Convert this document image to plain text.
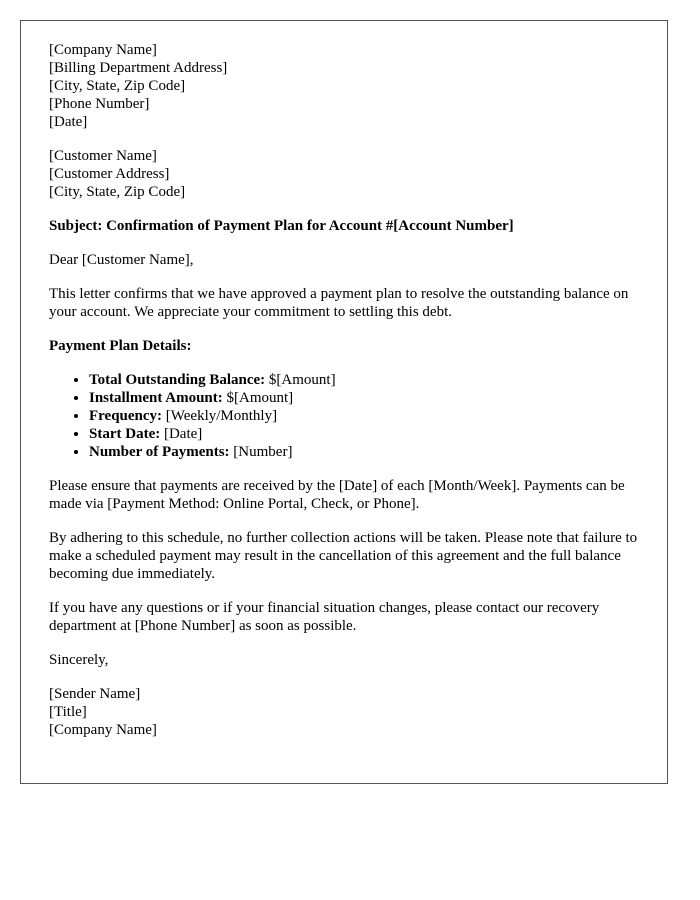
[Company Name]
[Billing Department Address]
[City, State, Zip Code]
[Phone Number]
[Date]
[Customer Name]
[Customer Address]
[City, State, Zip Code]
Subject: Confirmation of Payment Plan for Account #[Account Number]
Dear [Customer Name],
This letter confirms that we have approved a payment plan to resolve the outstanding balance on your account. We appreciate your commitment to settling this debt.
Payment Plan Details:
• Total Outstanding Balance: $[Amount]
• Installment Amount: $[Amount]
• Frequency: [Weekly/Monthly]
• Start Date: [Date]
• Number of Payments: [Number]
Please ensure that payments are received by the [Date] of each [Month/Week]. Payments can be made via [Payment Method: Online Portal, Check, or Phone].
By adhering to this schedule, no further collection actions will be taken. Please note that failure to make a scheduled payment may result in the cancellation of this agreement and the full balance becoming due immediately.
If you have any questions or if your financial situation changes, please contact our recovery department at [Phone Number] as soon as possible.
Sincerely,
[Sender Name]
[Title]
[Company Name]
